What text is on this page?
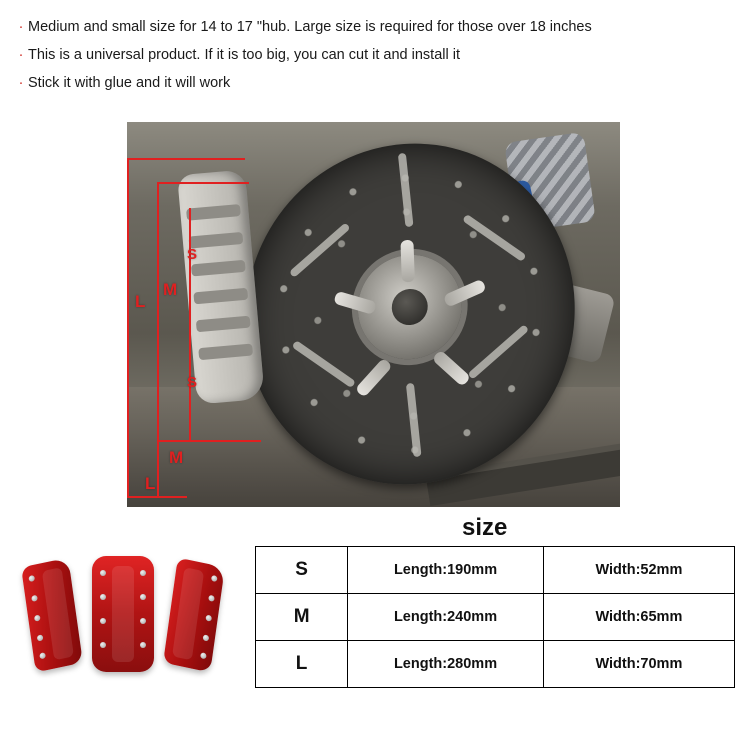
· Medium and small size for 14 to 17 "hub. Large size is required for those over 18 inches
· This is a universal product. If it is too big, you can cut it and install it
· Stick it with glue and it will work
L
M
S
S
M
L
size
S	Length:190mm	Width:52mm
M	Length:240mm	Width:65mm
L	Length:280mm	Width:70mm
